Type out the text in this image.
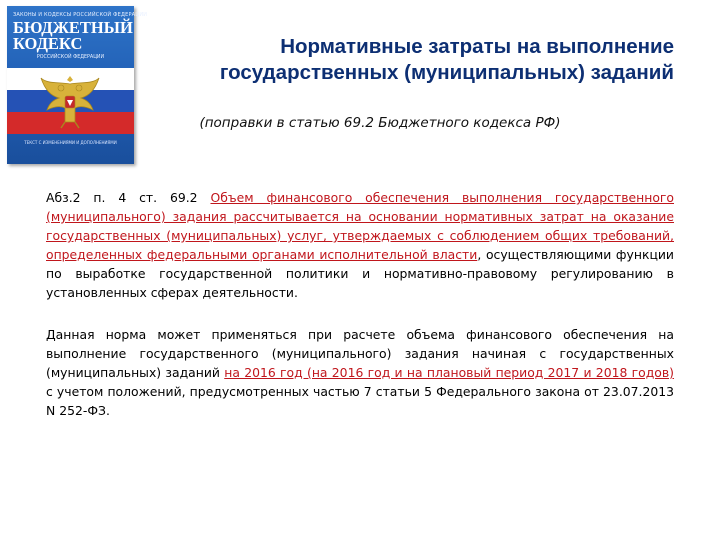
ЗАКОНЫ И КОДЕКСЫ РОССИЙСКОЙ ФЕДЕРАЦИИ
БЮДЖЕТНЫЙ
КОДЕКС
РОССИЙСКОЙ ФЕДЕРАЦИИ
ТЕКСТ С ИЗМЕНЕНИЯМИ И ДОПОЛНЕНИЯМИ
Нормативные затраты на выполнение
государственных (муниципальных) заданий
(поправки в статью 69.2 Бюджетного кодекса РФ)
Абз.2 п. 4 ст. 69.2 Объем финансового обеспечения выполнения государственного (муниципального) задания рассчитывается на основании нормативных затрат на оказание государственных (муниципальных) услуг, утверждаемых с соблюдением общих требований, определенных федеральными органами исполнительной власти, осуществляющими функции по выработке государственной политики и нормативно-правовому регулированию в установленных сферах деятельности.
Данная норма может применяться при расчете объема финансового обеспечения на выполнение государственного (муниципального) задания начиная с государственных (муниципальных) заданий на 2016 год (на 2016 год и на плановый период 2017 и 2018 годов) с учетом положений, предусмотренных частью 7 статьи 5 Федерального закона от 23.07.2013 N 252-ФЗ.
